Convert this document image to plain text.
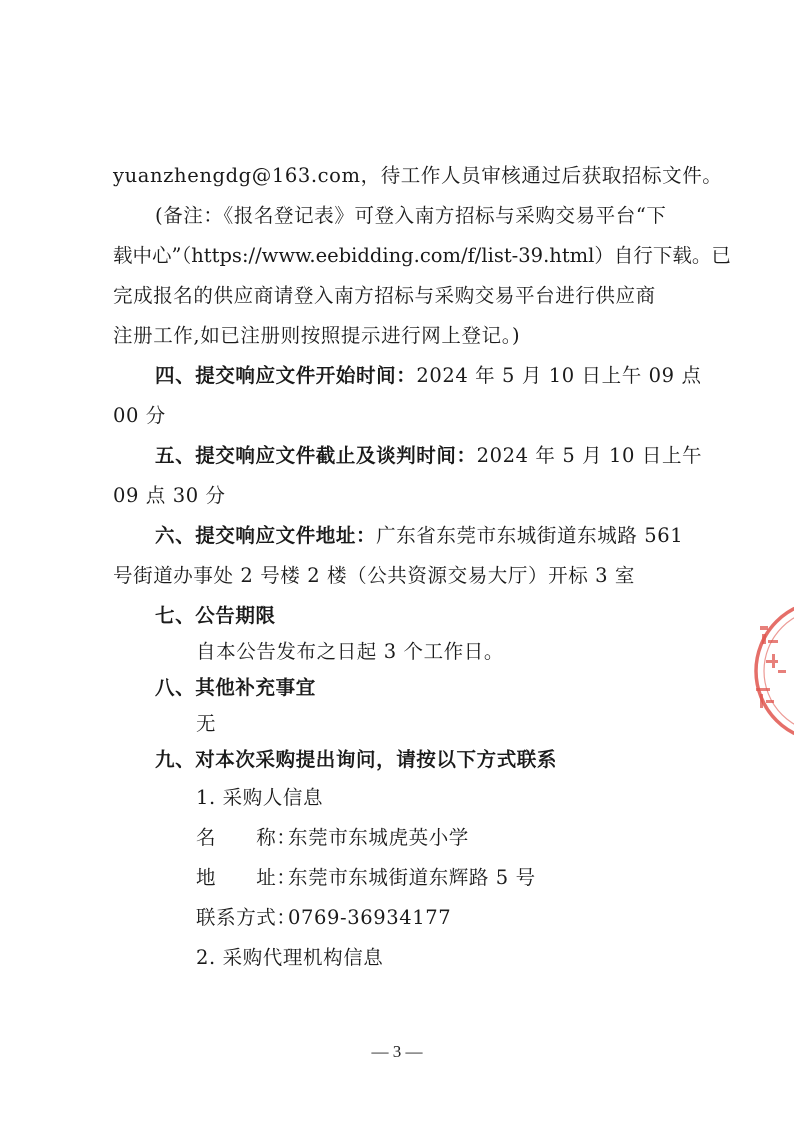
yuanzhengdg@163.com，待工作人员审核通过后获取招标文件。
(备注：《报名登记表》可登入南方招标与采购交易平台“下
载中心”（https://www.eebidding.com/f/list-39.html）自行下载。已
完成报名的供应商请登入南方招标与采购交易平台进行供应商
注册工作,如已注册则按照提示进行网上登记。)
四、提交响应文件开始时间：2024 年 5 月 10 日上午 09 点
00 分
五、提交响应文件截止及谈判时间：2024 年 5 月 10 日上午
09 点 30 分
六、提交响应文件地址：广东省东莞市东城街道东城路 561
号街道办事处 2 号楼 2 楼（公共资源交易大厅）开标 3 室
七、公告期限
自本公告发布之日起 3 个工作日。
八、其他补充事宜
无
九、对本次采购提出询问，请按以下方式联系
1. 采购人信息
名　　称：东莞市东城虎英小学
地　　址：东莞市东城街道东辉路 5 号
联系方式：0769-36934177
2. 采购代理机构信息
— 3 —
